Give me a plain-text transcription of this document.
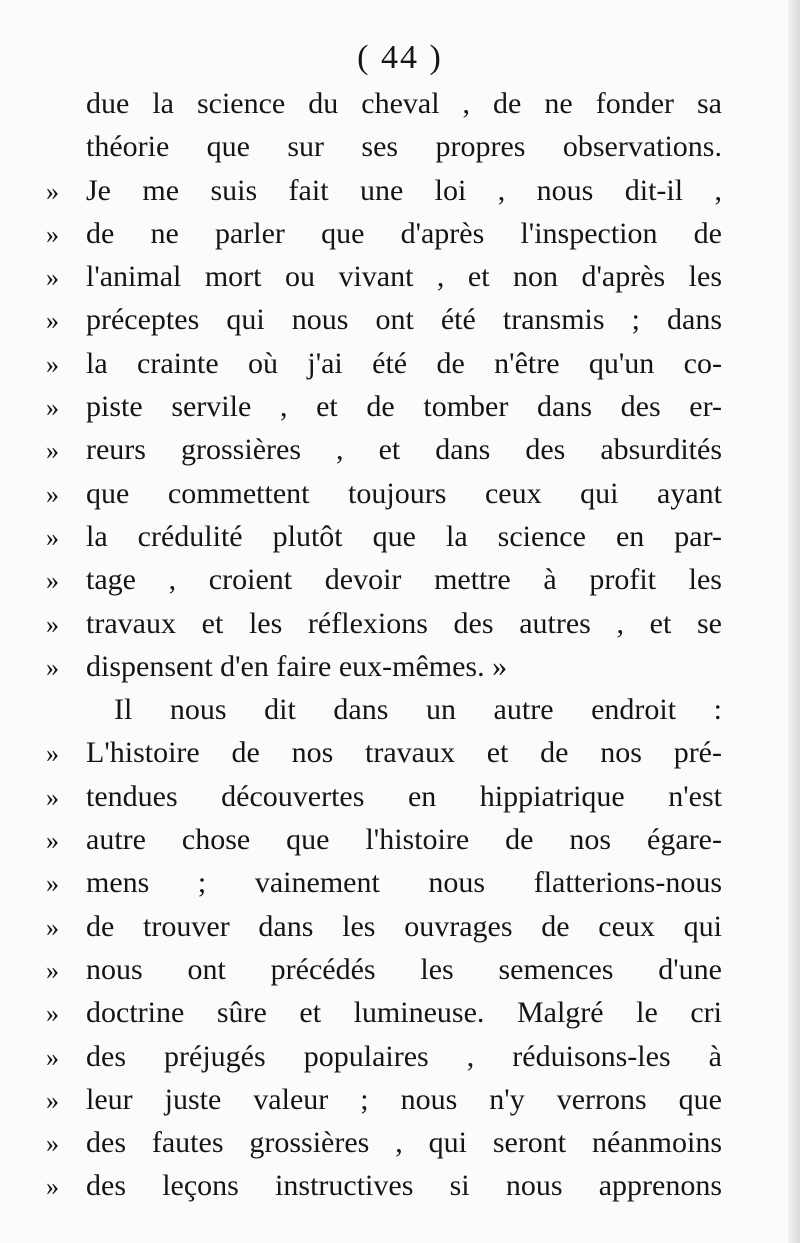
( 44 )
due la science du cheval , de ne fonder sa
théorie que sur ses propres observations.
» Je me suis fait une loi , nous dit-il ,
» de ne parler que d'après l'inspection de
» l'animal mort ou vivant , et non d'après les
» préceptes qui nous ont été transmis ; dans
» la crainte où j'ai été de n'être qu'un co-
» piste servile , et de tomber dans des er-
» reurs grossières , et dans des absurdités
» que commettent toujours ceux qui ayant
» la crédulité plutôt que la science en par-
» tage , croient devoir mettre à profit les
» travaux et les réflexions des autres , et se
» dispensent d'en faire eux-mêmes. »
Il nous dit dans un autre endroit :
» L'histoire de nos travaux et de nos pré-
» tendues découvertes en hippiatrique n'est
» autre chose que l'histoire de nos égare-
» mens ; vainement nous flatterions-nous
» de trouver dans les ouvrages de ceux qui
» nous ont précédés les semences d'une
» doctrine sûre et lumineuse. Malgré le cri
» des préjugés populaires , réduisons-les à
» leur juste valeur ; nous n'y verrons que
» des fautes grossières , qui seront néanmoins
» des leçons instructives si nous apprenons
